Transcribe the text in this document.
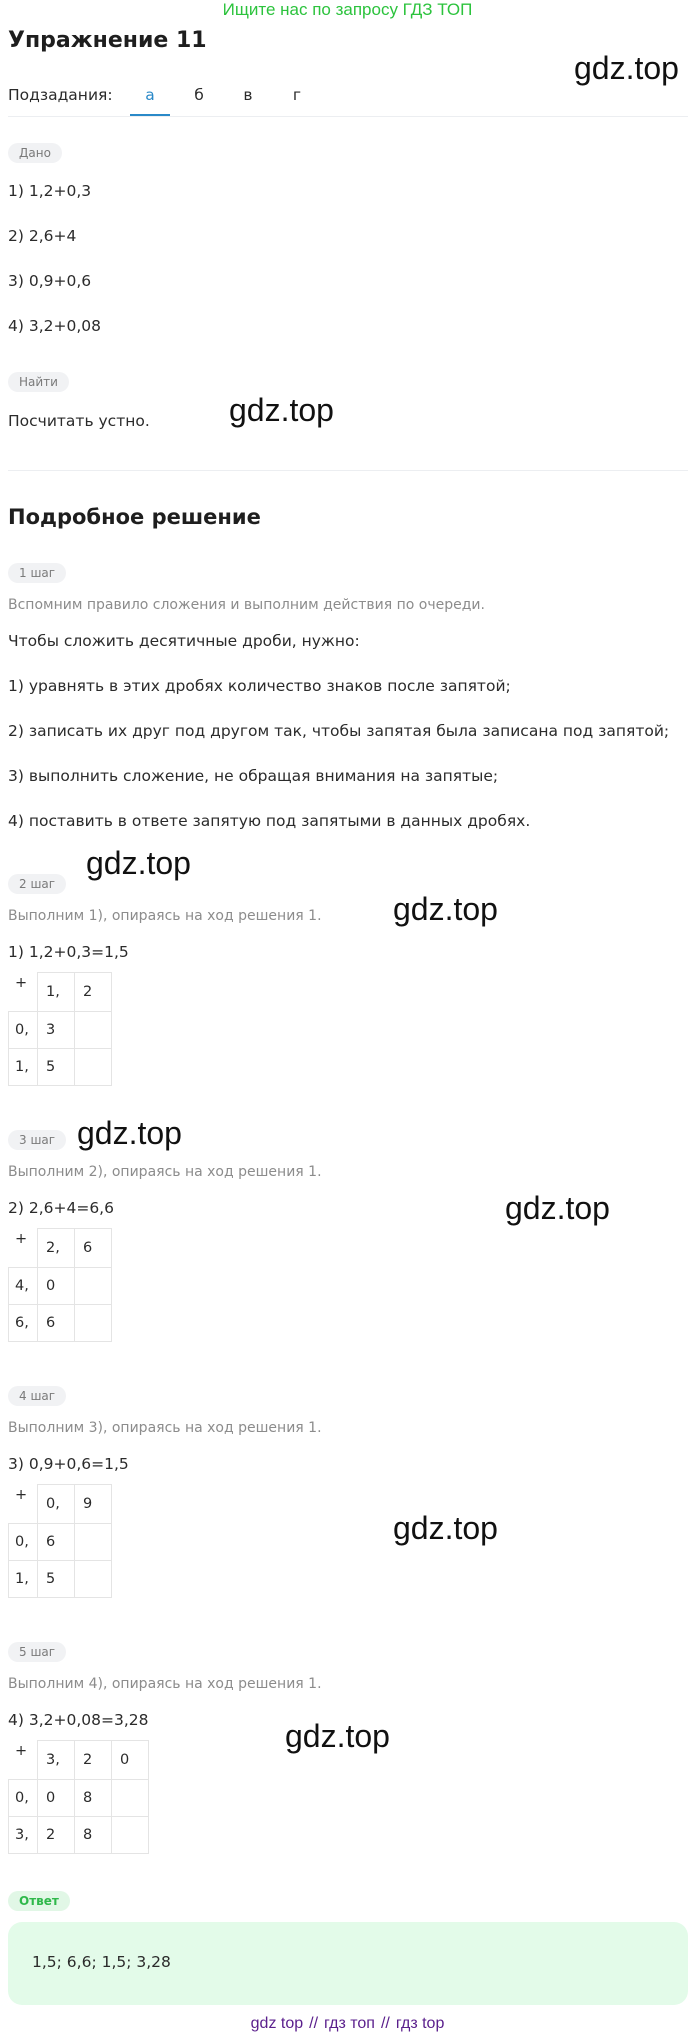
Ищите нас по запросу ГДЗ ТОП
Упражнение 11
gdz.top
Подзадания:	а	б	в	г
Дано
1) 1,2+0,3
2) 2,6+4
3) 0,9+0,6
4) 3,2+0,08
Найти
Посчитать устно. gdz.top
Подробное решение
1 шаг
Вспомним правило сложения и выполним действия по очереди.
Чтобы сложить десятичные дроби, нужно:
1) уравнять в этих дробях количество знаков после запятой;
2) записать их друг под другом так, чтобы запятая была записана под запятой;
3) выполнить сложение, не обращая внимания на запятые;
4) поставить в ответе запятую под запятыми в данных дробях.
gdz.top
2 шаг
gdz.top
Выполним 1), опираясь на ход решения 1.
1) 1,2+0,3=1,5
+	1,	2
0,	3	
1,	5	
3 шаг gdz.top
Выполним 2), опираясь на ход решения 1.
gdz.top
2) 2,6+4=6,6
+	2,	6
4,	0	
6,	6	
4 шаг
Выполним 3), опираясь на ход решения 1.
3) 0,9+0,6=1,5
+	0,	9
0,	6	
1,	5	
gdz.top
5 шаг
Выполним 4), опираясь на ход решения 1.
gdz.top
4) 3,2+0,08=3,28
+	3,	2	0
0,	0	8	
3,	2	8	
Ответ
1,5; 6,6; 1,5; 3,28
gdz top // гдз топ // гдз top
